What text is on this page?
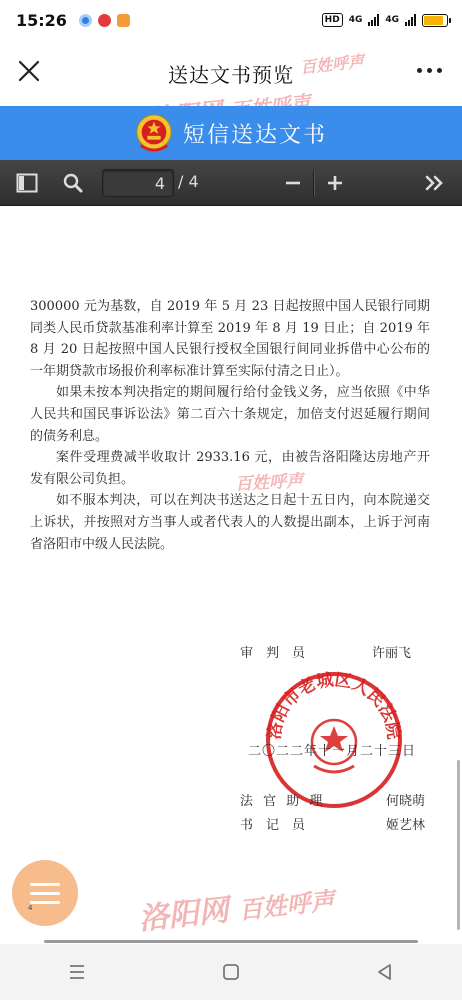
15:26	HD	4G	4G
送达文书预览 百姓呼声
短信送达文书
4
/ 4

300000 元为基数，自 2019 年 5 月 23 日起按照中国人民银行同期同类人民币贷款基准利率计算至 2019 年 8 月 19 日止；自 2019 年 8 月 20 日起按照中国人民银行授权全国银行间同业拆借中心公布的一年期贷款市场报价利率标准计算至实际付清之日止）。

如果未按本判决指定的期间履行给付金钱义务，应当依照《中华人民共和国民事诉讼法》第二百六十条规定，加倍支付迟延履行期间的债务利息。

案件受理费减半收取计 2933.16 元，由被告洛阳隆达房地产开发有限公司负担。

如不服本判决，可以在判决书送达之日起十五日内，向本院递交上诉状，并按照对方当事人或者代表人的人数提出副本，上诉于河南省洛阳市中级人民法院。

百姓呼声
审　判　员	许丽飞
洛阳市老城区人民法院
二〇二二年十一月二十三日
法 官 助 理	何晓萌
书　记　员	姬艺林
洛阳网 百姓呼声
4
